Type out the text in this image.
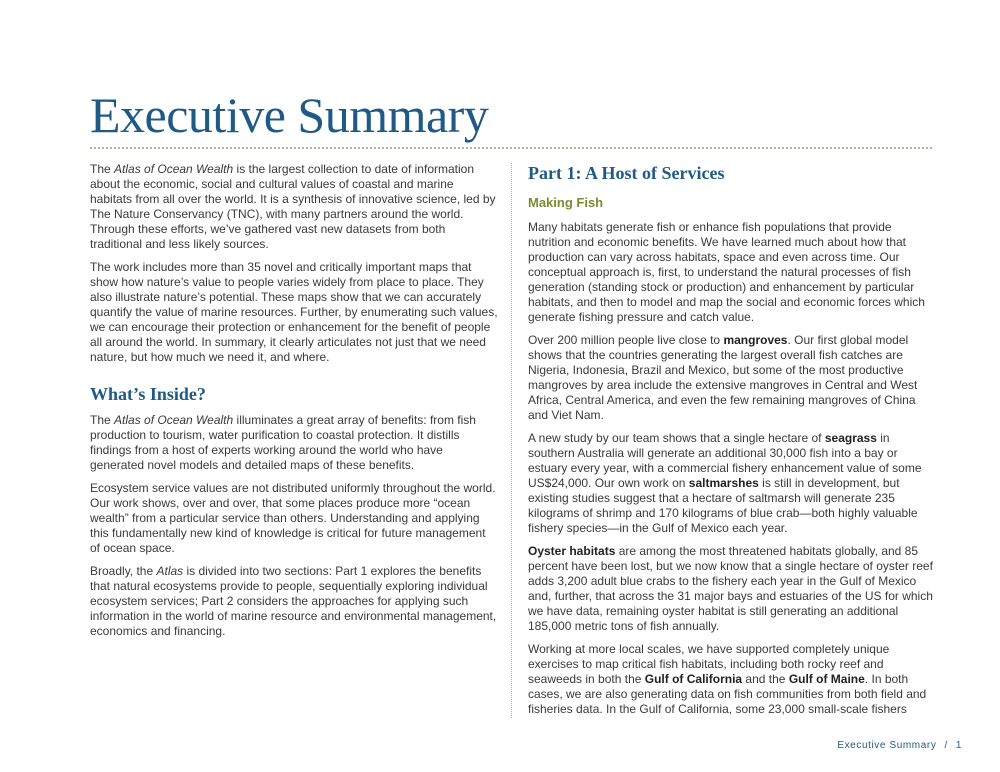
Executive Summary

The Atlas of Ocean Wealth is the largest collection to date of information about the economic, social and cultural values of coastal and marine habitats from all over the world. It is a synthesis of innovative science, led by The Nature Conservancy (TNC), with many partners around the world. Through these efforts, we’ve gathered vast new datasets from both traditional and less likely sources.

The work includes more than 35 novel and critically important maps that show how nature’s value to people varies widely from place to place. They also illustrate nature’s potential. These maps show that we can accurately quantify the value of marine resources. Further, by enumerating such values, we can encourage their protection or enhancement for the benefit of people all around the world. In summary, it clearly articulates not just that we need nature, but how much we need it, and where.

What’s Inside?

The Atlas of Ocean Wealth illuminates a great array of benefits: from fish production to tourism, water purification to coastal protection. It distills findings from a host of experts working around the world who have generated novel models and detailed maps of these benefits.

Ecosystem service values are not distributed uniformly throughout the world. Our work shows, over and over, that some places produce more “ocean wealth” from a particular service than others. Understanding and applying this fundamentally new kind of knowledge is critical for future management of ocean space.

Broadly, the Atlas is divided into two sections: Part 1 explores the benefits that natural ecosystems provide to people, sequentially exploring individual ecosystem services; Part 2 considers the approaches for applying such information in the world of marine resource and environmental management, economics and financing.

Part 1: A Host of Services
Making Fish

Many habitats generate fish or enhance fish populations that provide nutrition and economic benefits. We have learned much about how that production can vary across habitats, space and even across time. Our conceptual approach is, first, to understand the natural processes of fish generation (standing stock or production) and enhancement by particular habitats, and then to model and map the social and economic forces which generate fishing pressure and catch value.

Over 200 million people live close to mangroves. Our first global model shows that the countries generating the largest overall fish catches are Nigeria, Indonesia, Brazil and Mexico, but some of the most productive mangroves by area include the extensive mangroves in Central and West Africa, Central America, and even the few remaining mangroves of China and Viet Nam.

A new study by our team shows that a single hectare of seagrass in southern Australia will generate an additional 30,000 fish into a bay or estuary every year, with a commercial fishery enhancement value of some US$24,000. Our own work on saltmarshes is still in development, but existing studies suggest that a hectare of saltmarsh will generate 235 kilograms of shrimp and 170 kilograms of blue crab—both highly valuable fishery species—in the Gulf of Mexico each year.

Oyster habitats are among the most threatened habitats globally, and 85 percent have been lost, but we now know that a single hectare of oyster reef adds 3,200 adult blue crabs to the fishery each year in the Gulf of Mexico and, further, that across the 31 major bays and estuaries of the US for which we have data, remaining oyster habitat is still generating an additional 185,000 metric tons of fish annually.

Working at more local scales, we have supported completely unique exercises to map critical fish habitats, including both rocky reef and seaweeds in both the Gulf of California and the Gulf of Maine. In both cases, we are also generating data on fish communities from both field and fisheries data. In the Gulf of California, some 23,000 small-scale fishers

Executive Summary / 1
